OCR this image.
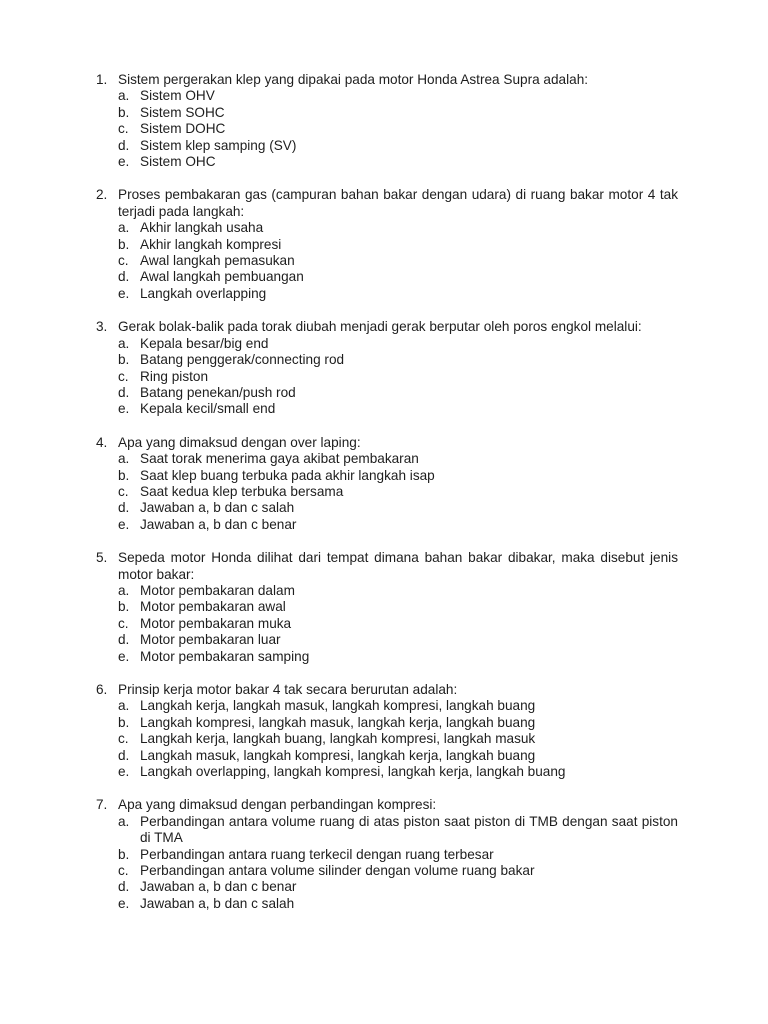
1. Sistem pergerakan klep yang dipakai pada motor Honda Astrea Supra adalah:
a. Sistem OHV
b. Sistem SOHC
c. Sistem DOHC
d. Sistem klep samping (SV)
e. Sistem OHC
2. Proses pembakaran gas (campuran bahan bakar dengan udara) di ruang bakar motor 4 tak terjadi pada langkah:
a. Akhir langkah usaha
b. Akhir langkah kompresi
c. Awal langkah pemasukan
d. Awal langkah pembuangan
e. Langkah overlapping
3. Gerak bolak-balik pada torak diubah menjadi gerak berputar oleh poros engkol melalui:
a. Kepala besar/big end
b. Batang penggerak/connecting rod
c. Ring piston
d. Batang penekan/push rod
e. Kepala kecil/small end
4. Apa yang dimaksud dengan over laping:
a. Saat torak menerima gaya akibat pembakaran
b. Saat klep buang terbuka pada akhir langkah isap
c. Saat kedua klep terbuka bersama
d. Jawaban a, b dan c salah
e. Jawaban a, b dan c benar
5. Sepeda motor Honda dilihat dari tempat dimana bahan bakar dibakar, maka disebut jenis motor bakar:
a. Motor pembakaran dalam
b. Motor pembakaran awal
c. Motor pembakaran muka
d. Motor pembakaran luar
e. Motor pembakaran samping
6. Prinsip kerja motor bakar 4 tak secara berurutan adalah:
a. Langkah kerja, langkah masuk, langkah kompresi, langkah buang
b. Langkah kompresi, langkah masuk, langkah kerja, langkah buang
c. Langkah kerja, langkah buang, langkah kompresi, langkah masuk
d. Langkah masuk, langkah kompresi, langkah kerja, langkah buang
e. Langkah overlapping, langkah kompresi, langkah kerja, langkah buang
7. Apa yang dimaksud dengan perbandingan kompresi:
a. Perbandingan antara volume ruang di atas piston saat piston di TMB dengan saat piston di TMA
b. Perbandingan antara ruang terkecil dengan ruang terbesar
c. Perbandingan antara volume silinder dengan volume ruang bakar
d. Jawaban a, b dan c benar
e. Jawaban a, b dan c salah
